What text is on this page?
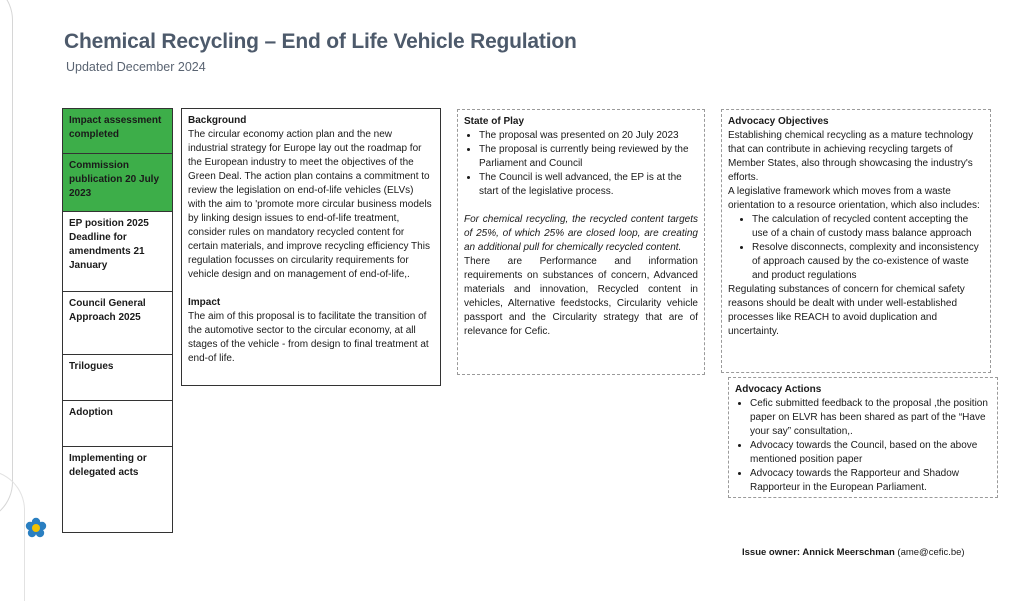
Chemical Recycling – End of Life Vehicle Regulation
Updated December 2024
Impact assessment completed
Commission publication 20 July 2023
EP position 2025 Deadline for amendments 21 January
Council General Approach 2025
Trilogues
Adoption
Implementing or delegated acts

Background

The circular economy action plan and the new industrial strategy for Europe lay out the roadmap for the European industry to meet the objectives of the Green Deal. The action plan contains a commitment to review the legislation on end-of-life vehicles (ELVs) with the aim to 'promote more circular business models by linking design issues to end-of-life treatment, consider rules on mandatory recycled content for certain materials, and improve recycling efficiency This regulation focusses on circularity requirements for vehicle design and on management of end-of-life,.

Impact

The aim of this proposal is to facilitate the transition of the automotive sector to the circular economy, at all stages of the vehicle - from design to final treatment at end-of life.

State of Play

• The proposal was presented on 20 July 2023
• The proposal is currently being reviewed by the Parliament and Council
• The Council is well advanced, the EP is at the start of the legislative process.

For chemical recycling, the recycled content targets of 25%, of which 25% are closed loop, are creating an additional pull for chemically recycled content.

There are Performance and information requirements on substances of concern, Advanced materials and innovation, Recycled content in vehicles, Alternative feedstocks, Circularity vehicle passport and the Circularity strategy that are of relevance for Cefic.

Advocacy Objectives

Establishing chemical recycling as a mature technology that can contribute in achieving recycling targets of Member States, also through showcasing the industry's efforts.

A legislative framework which moves from a waste orientation to a resource orientation, which also includes:

• The calculation of recycled content accepting the use of a chain of custody mass balance approach
• Resolve disconnects, complexity and inconsistency of approach caused by the co-existence of waste and product regulations

Regulating substances of concern for chemical safety reasons should be dealt with under well-established processes like REACH to avoid duplication and uncertainty.

Advocacy Actions

• Cefic submitted feedback to the proposal ,the position paper on ELVR has been shared as part of the “Have your say” consultation,.
• Advocacy towards the Council, based on the above mentioned position paper
• Advocacy towards the Rapporteur and Shadow Rapporteur in the European Parliament.
Issue owner: Annick Meerschman (ame@cefic.be)
